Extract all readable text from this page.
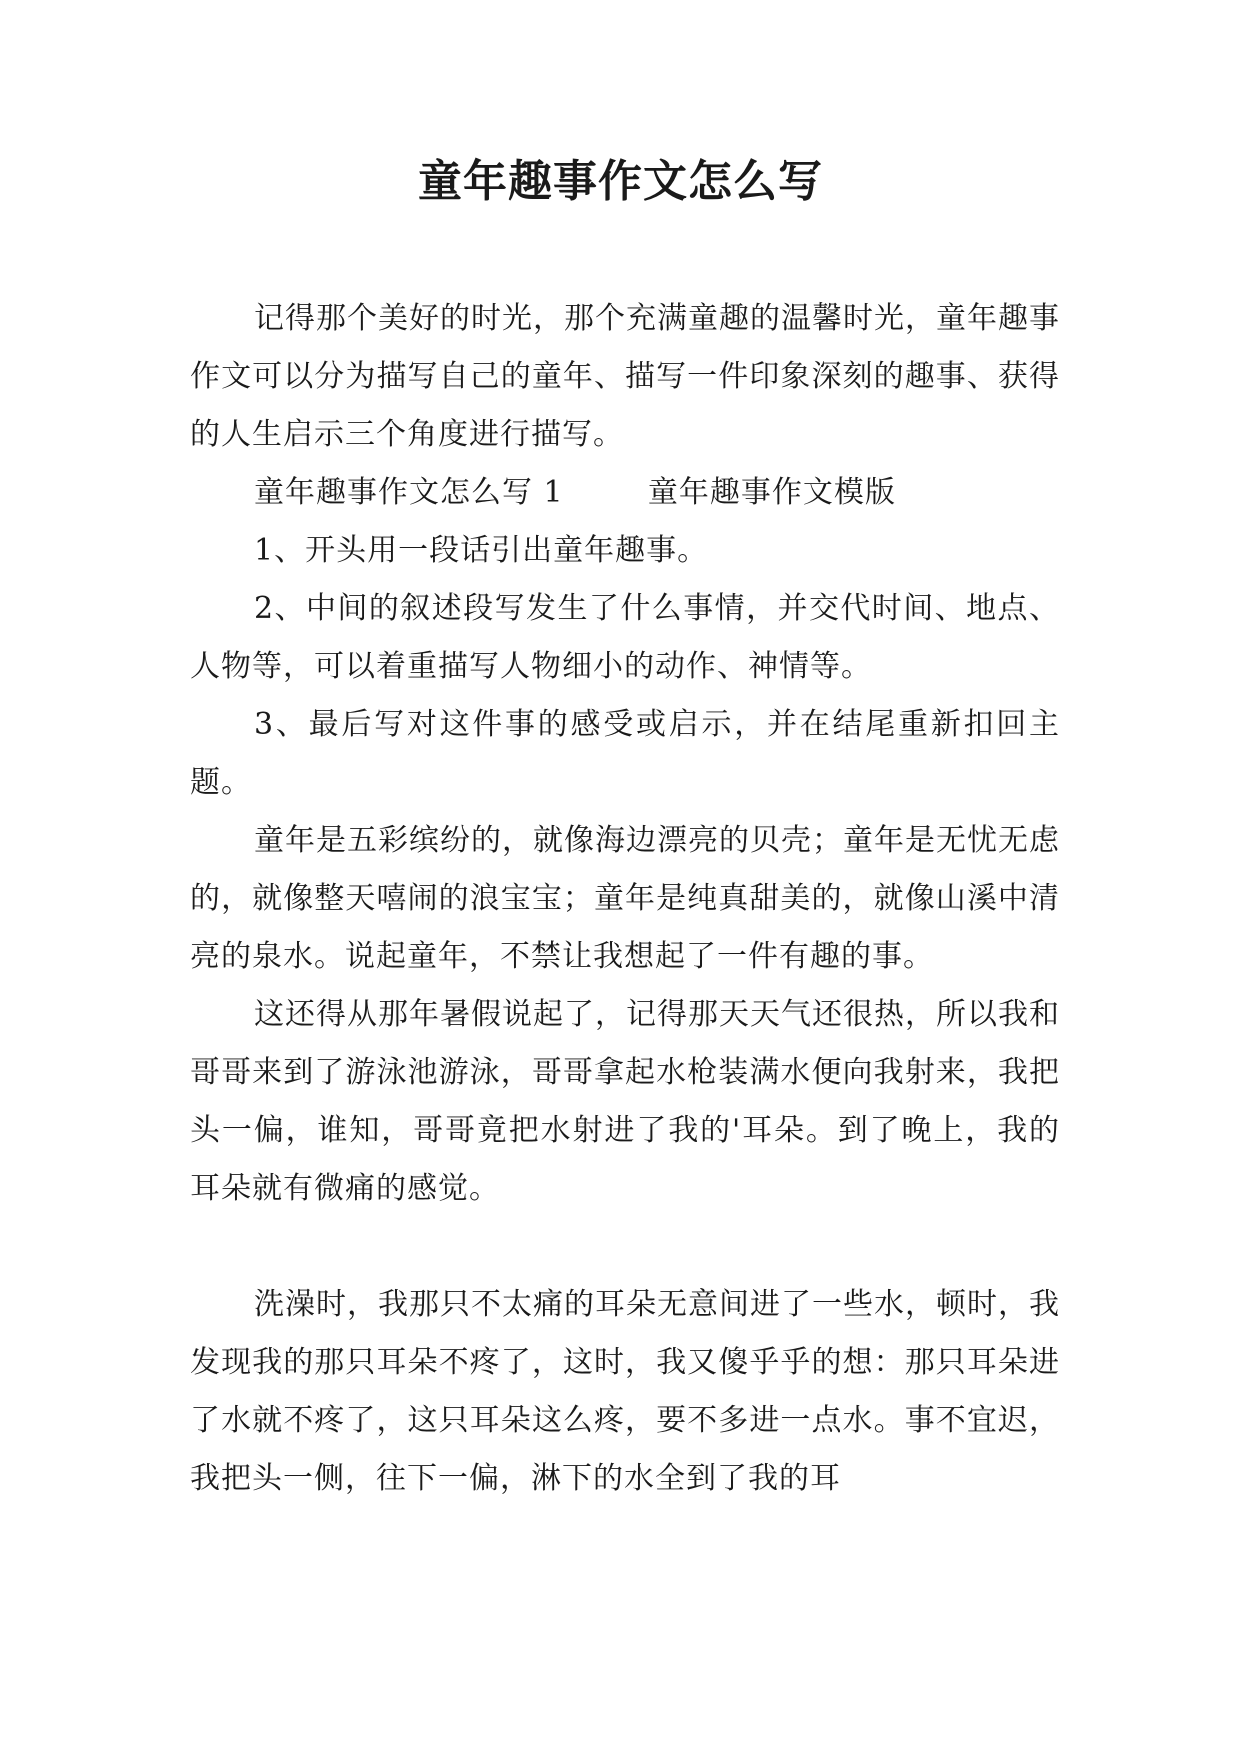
童年趣事作文怎么写

记得那个美好的时光，那个充满童趣的温馨时光，童年趣事作文可以分为描写自己的童年、描写一件印象深刻的趣事、获得的人生启示三个角度进行描写。

童年趣事作文怎么写 1        童年趣事作文模版

1、开头用一段话引出童年趣事。

2、中间的叙述段写发生了什么事情，并交代时间、地点、人物等，可以着重描写人物细小的动作、神情等。

3、最后写对这件事的感受或启示，并在结尾重新扣回主题。

童年是五彩缤纷的，就像海边漂亮的贝壳；童年是无忧无虑的，就像整天嘻闹的浪宝宝；童年是纯真甜美的，就像山溪中清亮的泉水。说起童年，不禁让我想起了一件有趣的事。

这还得从那年暑假说起了，记得那天天气还很热，所以我和哥哥来到了游泳池游泳，哥哥拿起水枪装满水便向我射来，我把头一偏，谁知，哥哥竟把水射进了我的'耳朵。到了晚上，我的耳朵就有微痛的感觉。

洗澡时，我那只不太痛的耳朵无意间进了一些水，顿时，我发现我的那只耳朵不疼了，这时，我又傻乎乎的想：那只耳朵进了水就不疼了，这只耳朵这么疼，要不多进一点水。事不宜迟，我把头一侧，往下一偏，淋下的水全到了我的耳
